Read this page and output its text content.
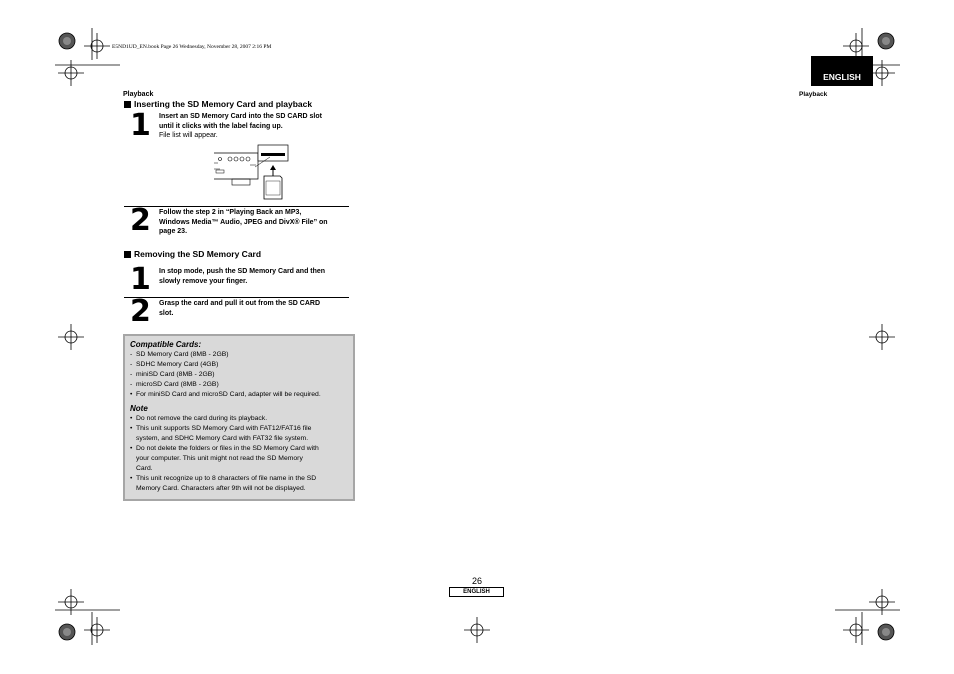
E5ND1UD_EN.book Page 26 Wednesday, November 28, 2007 2:16 PM
Playback
ENGLISH
Playback
Inserting the SD Memory Card and playback
1 Insert an SD Memory Card into the SD CARD slot
until it clicks with the label facing up.
File list will appear.
2 Follow the step 2 in “Playing Back an MP3,
Windows Media™ Audio, JPEG and DivX® File” on
page 23.
Removing the SD Memory Card
1 In stop mode, push the SD Memory Card and then
slowly remove your finger.
2 Grasp the card and pull it out from the SD CARD
slot.
Compatible Cards:
- SD Memory Card (8MB - 2GB)
- SDHC Memory Card (4GB)
- miniSD Card (8MB - 2GB)
- microSD Card (8MB - 2GB)
• For miniSD Card and microSD Card, adapter will be required.
Note
• Do not remove the card during its playback.
• This unit supports SD Memory Card with FAT12/FAT16 file
system, and SDHC Memory Card with FAT32 file system.
• Do not delete the folders or files in the SD Memory Card with
your computer. This unit might not read the SD Memory
Card.
• This unit recognize up to 8 characters of file name in the SD
Memory Card. Characters after 9th will not be displayed.
26
ENGLISH
